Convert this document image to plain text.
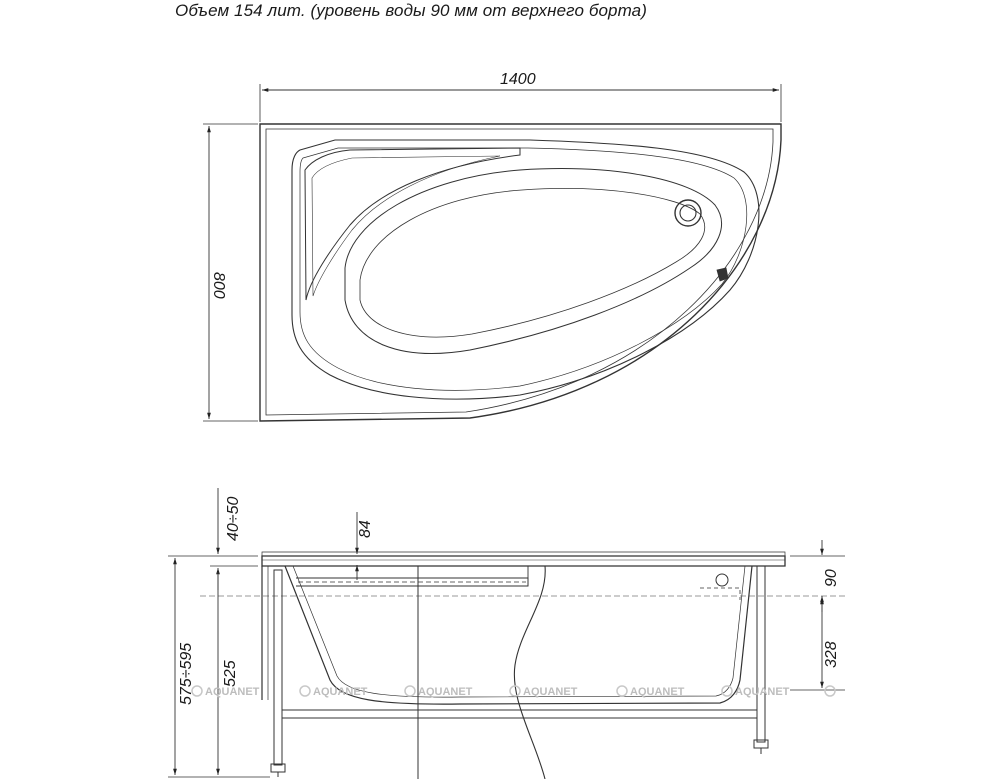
Объем 154 лит. (уровень воды 90 мм от верхнего борта)
1400
800
AQUANET	AQUANET	AQUANET	AQUANET	AQUANET	AQUANET
40÷50	84
575÷595 525
90
328
